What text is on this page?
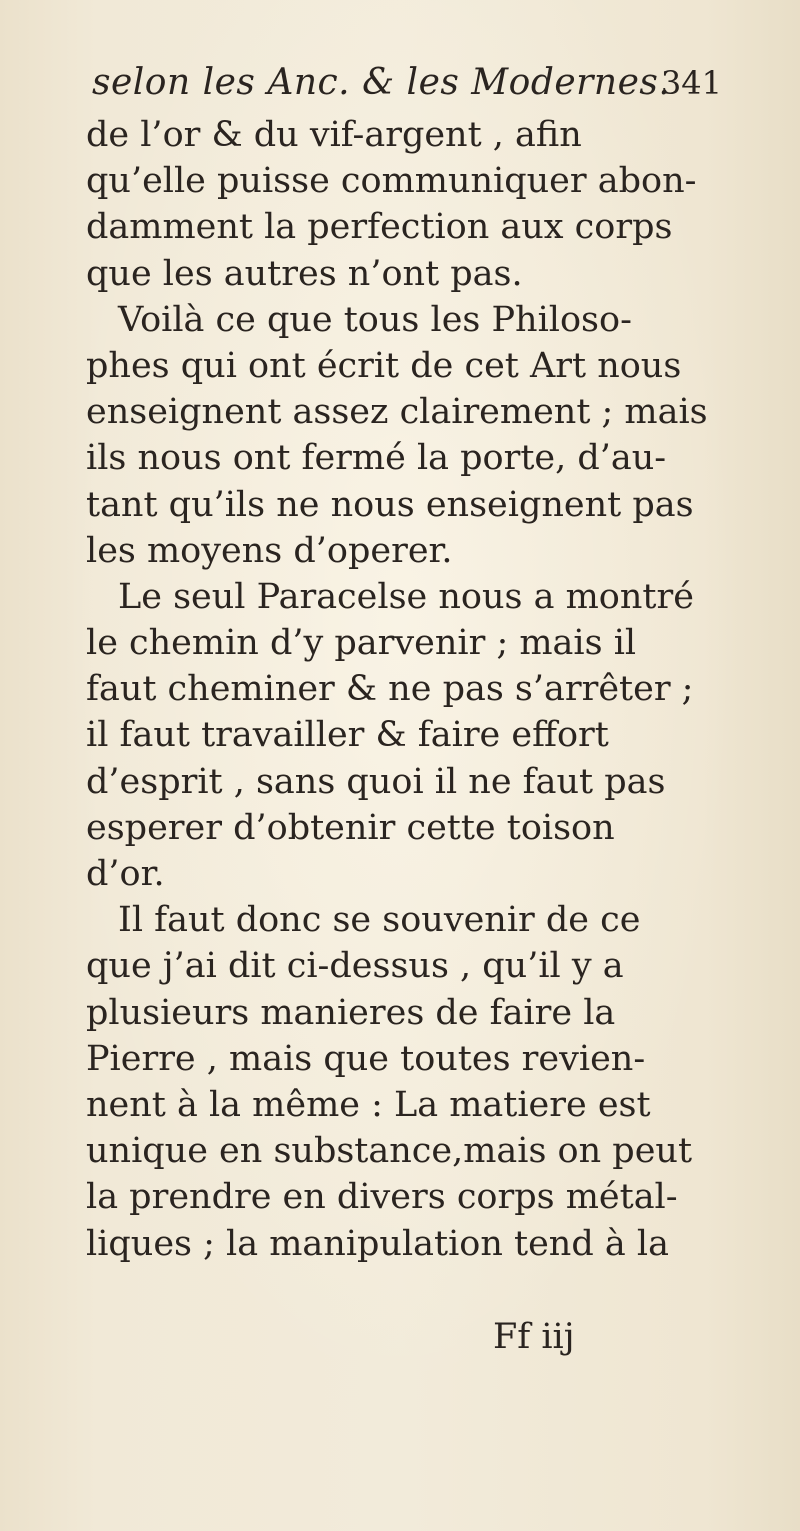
selon les Anc. & les Modernes.
341
de l’or & du vif-argent , afin
qu’elle puisse communiquer abon-
damment la perfection aux corps
que les autres n’ont pas.
Voilà ce que tous les Philoso-
phes qui ont écrit de cet Art nous
enseignent assez clairement ; mais
ils nous ont fermé la porte, d’au-
tant qu’ils ne nous enseignent pas
les moyens d’operer.
Le seul Paracelse nous a montré
le chemin d’y parvenir ; mais il
faut cheminer & ne pas s’arrêter ;
il faut travailler & faire effort
d’esprit , sans quoi il ne faut pas
esperer d’obtenir cette toison
d’or.
Il faut donc se souvenir de ce
que j’ai dit ci-dessus , qu’il y a
plusieurs manieres de faire la
Pierre , mais que toutes revien-
nent à la même : La matiere est
unique en substance,mais on peut
la prendre en divers corps métal-
liques ; la manipulation tend à la
Ff iij
